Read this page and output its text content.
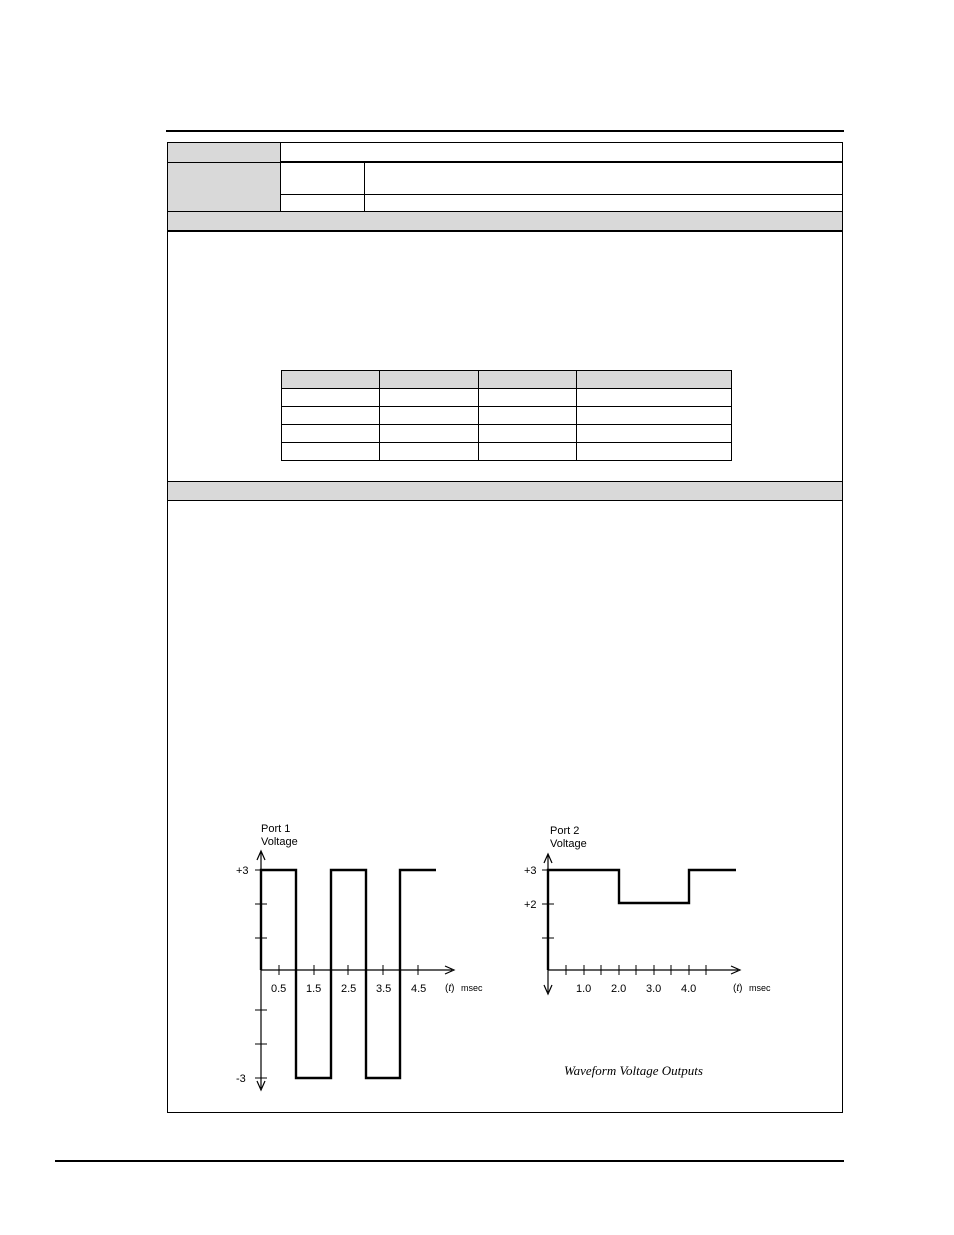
Port 1
Voltage
+3
-3
0.5 1.5 2.5 3.5 4.5 (t) msec
Port 2
Voltage
+3
+2
1.0 2.0 3.0 4.0	(t) msec
Waveform Voltage Outputs
